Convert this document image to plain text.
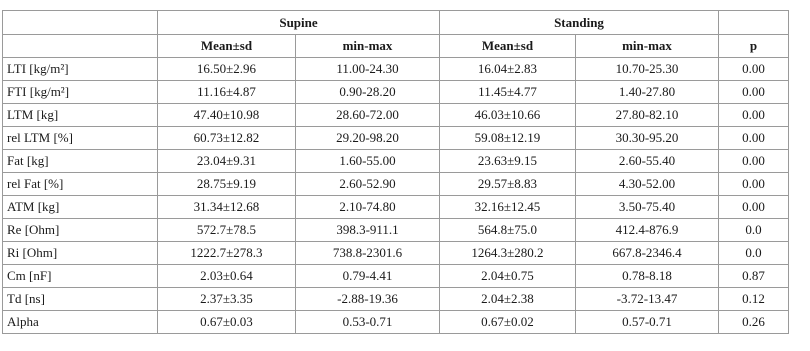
	Supine		Standing		
	Mean±sd	min-max	Mean±sd	min-max	p
LTI [kg/m²]	16.50±2.96	11.00-24.30	16.04±2.83	10.70-25.30	0.00
FTI [kg/m²]	11.16±4.87	0.90-28.20	11.45±4.77	1.40-27.80	0.00
LTM [kg]	47.40±10.98	28.60-72.00	46.03±10.66	27.80-82.10	0.00
rel LTM [%]	60.73±12.82	29.20-98.20	59.08±12.19	30.30-95.20	0.00
Fat [kg]	23.04±9.31	1.60-55.00	23.63±9.15	2.60-55.40	0.00
rel Fat [%]	28.75±9.19	2.60-52.90	29.57±8.83	4.30-52.00	0.00
ATM [kg]	31.34±12.68	2.10-74.80	32.16±12.45	3.50-75.40	0.00
Re [Ohm]	572.7±78.5	398.3-911.1	564.8±75.0	412.4-876.9	0.0
Ri [Ohm]	1222.7±278.3	738.8-2301.6	1264.3±280.2	667.8-2346.4	0.0
Cm [nF]	2.03±0.64	0.79-4.41	2.04±0.75	0.78-8.18	0.87
Td [ns]	2.37±3.35	-2.88-19.36	2.04±2.38	-3.72-13.47	0.12
Alpha	0.67±0.03	0.53-0.71	0.67±0.02	0.57-0.71	0.26
